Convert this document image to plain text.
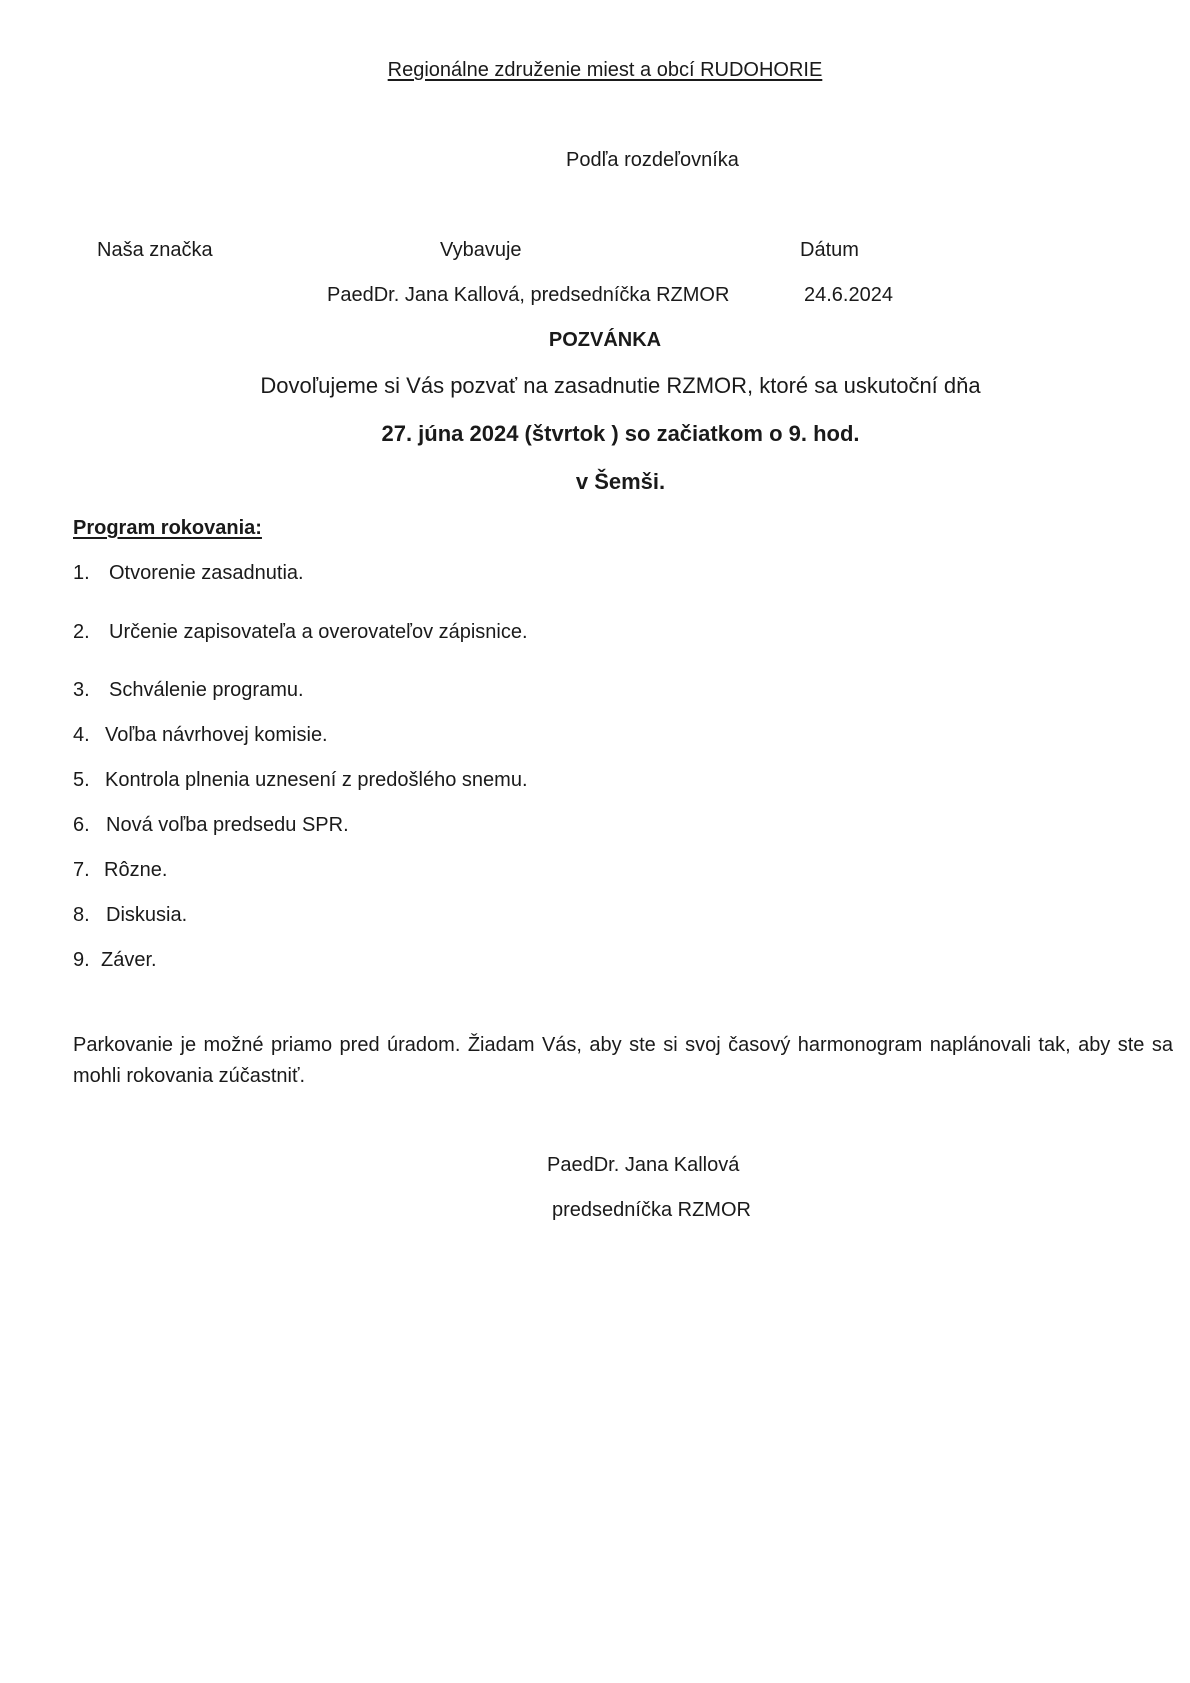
Regionálne združenie miest a obcí RUDOHORIE
Podľa rozdeľovníka
Naša značka	Vybavuje	Dátum
PaedDr. Jana Kallová, predsedníčka RZMOR	24.6.2024
POZVÁNKA
Dovoľujeme si Vás pozvať na zasadnutie RZMOR, ktoré sa uskutoční dňa
27. júna 2024 (štvrtok ) so začiatkom o 9. hod.
v Šemši.
Program rokovania:
1. Otvorenie zasadnutia.
2. Určenie zapisovateľa a overovateľov zápisnice.
3. Schválenie programu.
4. Voľba návrhovej komisie.
5. Kontrola plnenia uznesení z predošlého snemu.
6. Nová voľba predsedu SPR.
7. Rôzne.
8. Diskusia.
9. Záver.
Parkovanie je možné priamo pred úradom. Žiadam Vás, aby ste si svoj časový harmonogram naplánovali tak, aby ste sa mohli rokovania zúčastniť.
PaedDr. Jana Kallová
predsedníčka RZMOR
